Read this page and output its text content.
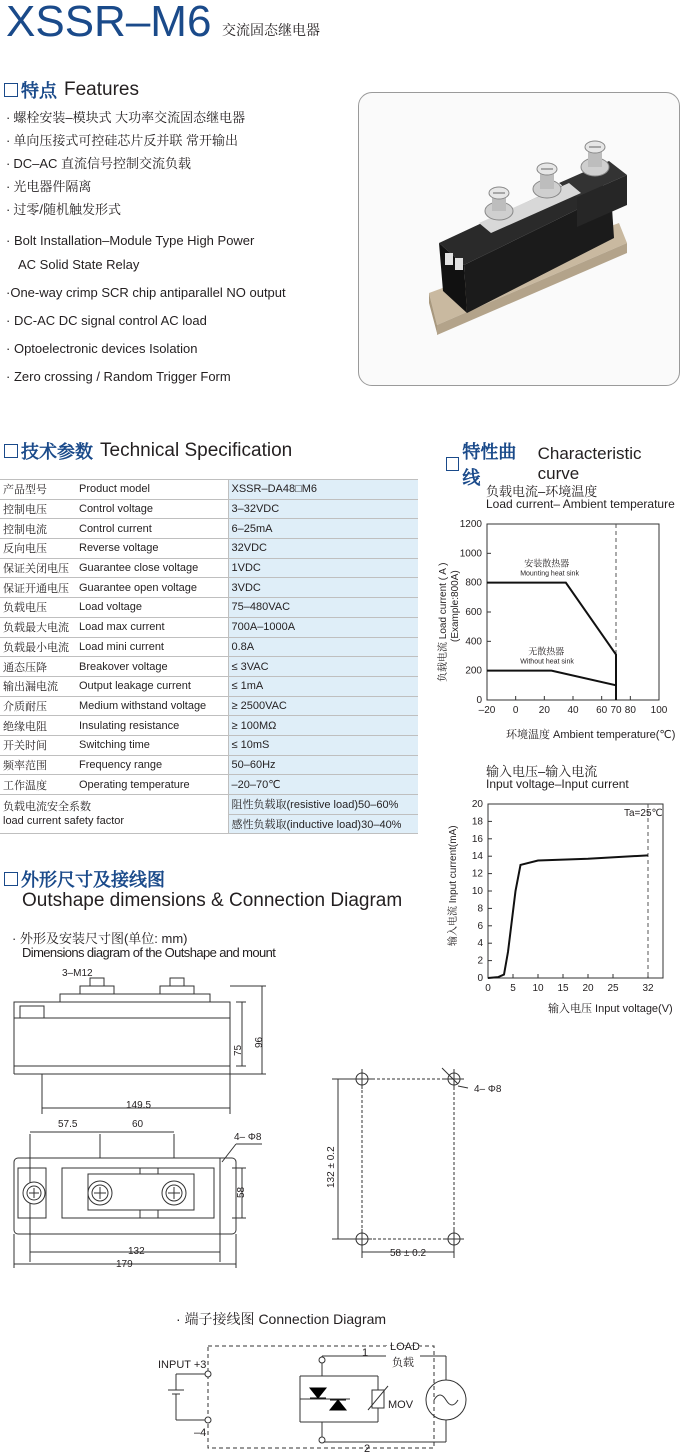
XSSR–M6 交流固态继电器
特点 Features
· 螺栓安装–模块式 大功率交流固态继电器
· 单向压接式可控硅芯片反并联 常开输出
· DC–AC 直流信号控制交流负载
· 光电器件隔离
· 过零/随机触发形式
· Bolt Installation–Module Type High Power
AC Solid State Relay
·One-way crimp SCR chip antiparallel NO output
· DC-AC DC signal control AC load
· Optoelectronic devices Isolation
· Zero crossing / Random Trigger Form
技术参数 Technical Specification
产品型号	Product model	XSSR–DA48□M6
控制电压	Control voltage	3–32VDC
控制电流	Control current	6–25mA
反向电压	Reverse voltage	32VDC
保证关闭电压	Guarantee close voltage	1VDC
保证开通电压	Guarantee open voltage	3VDC
负载电压	Load voltage	75–480VAC
负载最大电流	Load max current	700A–1000A
负载最小电流	Load mini current	0.8A
通态压降	Breakover voltage	≤ 3VAC
输出漏电流	Output leakage current	≤ 1mA
介质耐压	Medium withstand voltage	≥ 2500VAC
绝缘电阻	Insulating resistance	≥ 100MΩ
开关时间	Switching time	≤ 10mS
频率范围	Frequency range	50–60Hz
工作温度	Operating temperature	–20–70℃

负载电流安全系数
load current safety factor		阻性负载取(resistive load)50–60%
		感性负载取(inductive load)30–40%
特性曲线
Characteristic curve
负载电流–环境温度
Load current– Ambient temperature
0
200
400
600
800
1000
1200
–20 0 20 40 60 70 80 100
安装散热器
Mounting heat sink
无散热器
Without heat sink
负载电流 Load current ( A ) (Example:800A)
环境温度 Ambient temperature(℃)
输入电压–输入电流
Input voltage–Input current
0
2
4
6
8
10
12
14
16
18
20
0 5 10 15 20 25 32
Ta=25℃
输入电流 Input current(mA)
输入电压 Input voltage(V)
外形尺寸及接线图
Outshape dimensions & Connection Diagram
· 外形及安装尺寸图(单位: mm)
Dimensions diagram of the Outshape and mount
3–M12
75
96
149.5
57.5	60
4– Φ8
58
132
179
4– Φ8
132 ± 0.2
58 ± 0.2
· 端子接线图 Connection Diagram
INPUT +3
–4
1
2
LOAD
负载
MOV
